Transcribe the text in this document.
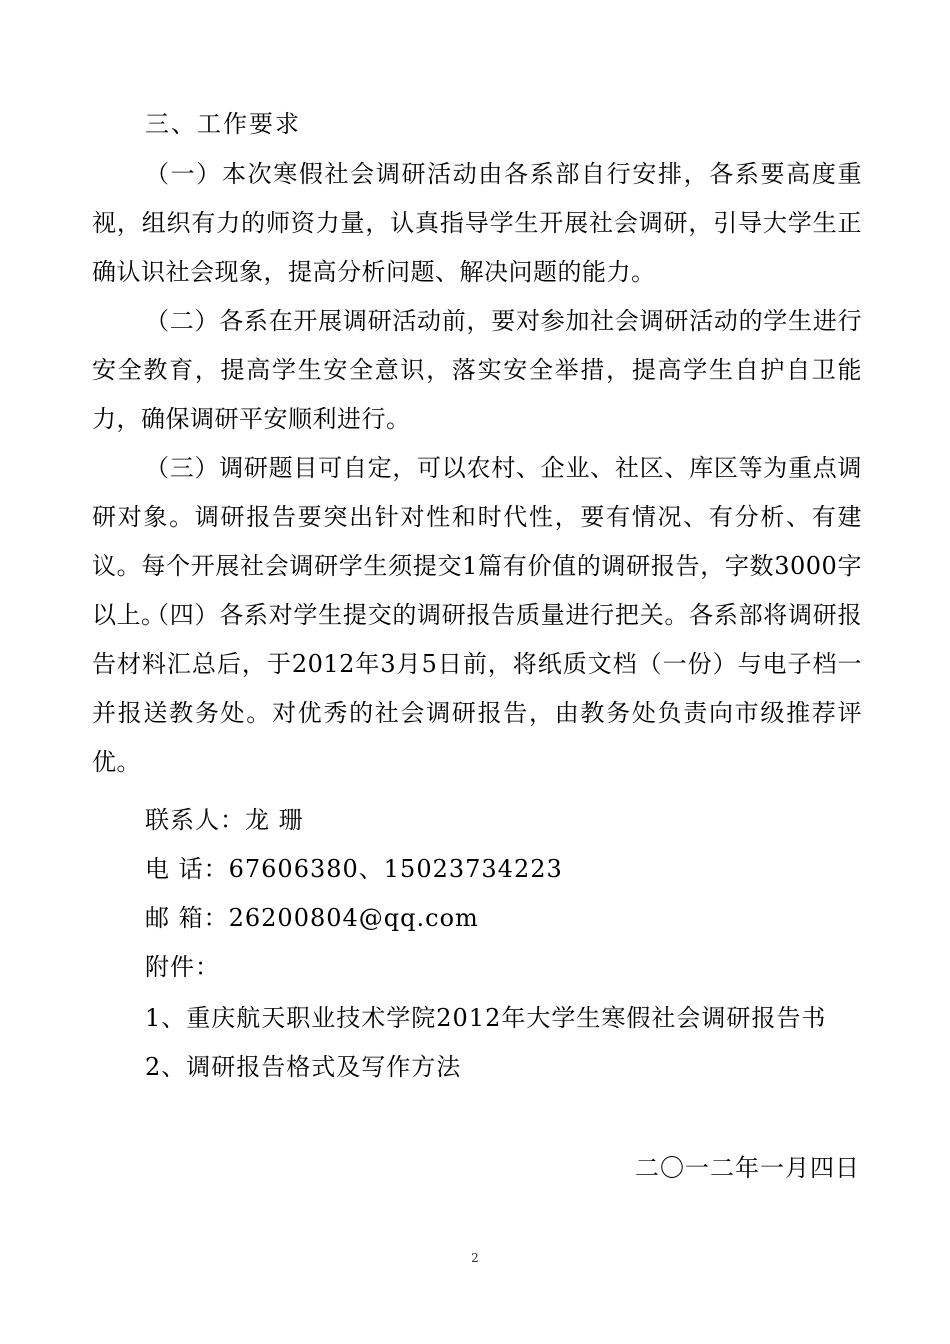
三、工作要求
（一）本次寒假社会调研活动由各系部自行安排，各系要高度重视，组织有力的师资力量，认真指导学生开展社会调研，引导大学生正确认识社会现象，提高分析问题、解决问题的能力。
（二）各系在开展调研活动前，要对参加社会调研活动的学生进行安全教育，提高学生安全意识，落实安全举措，提高学生自护自卫能力，确保调研平安顺利进行。
（三）调研题目可自定，可以农村、企业、社区、库区等为重点调研对象。调研报告要突出针对性和时代性，要有情况、有分析、有建议。每个开展社会调研学生须提交1篇有价值的调研报告，字数3000字以上。
（四）各系对学生提交的调研报告质量进行把关。各系部将调研报告材料汇总后，于2012年3月5日前，将纸质文档（一份）与电子档一并报送教务处。对优秀的社会调研报告，由教务处负责向市级推荐评优。
联系人：龙 珊
电 话：67606380、15023734223
邮 箱：26200804@qq.com
附件：
1、重庆航天职业技术学院2012年大学生寒假社会调研报告书
2、调研报告格式及写作方法
二〇一二年一月四日
2
